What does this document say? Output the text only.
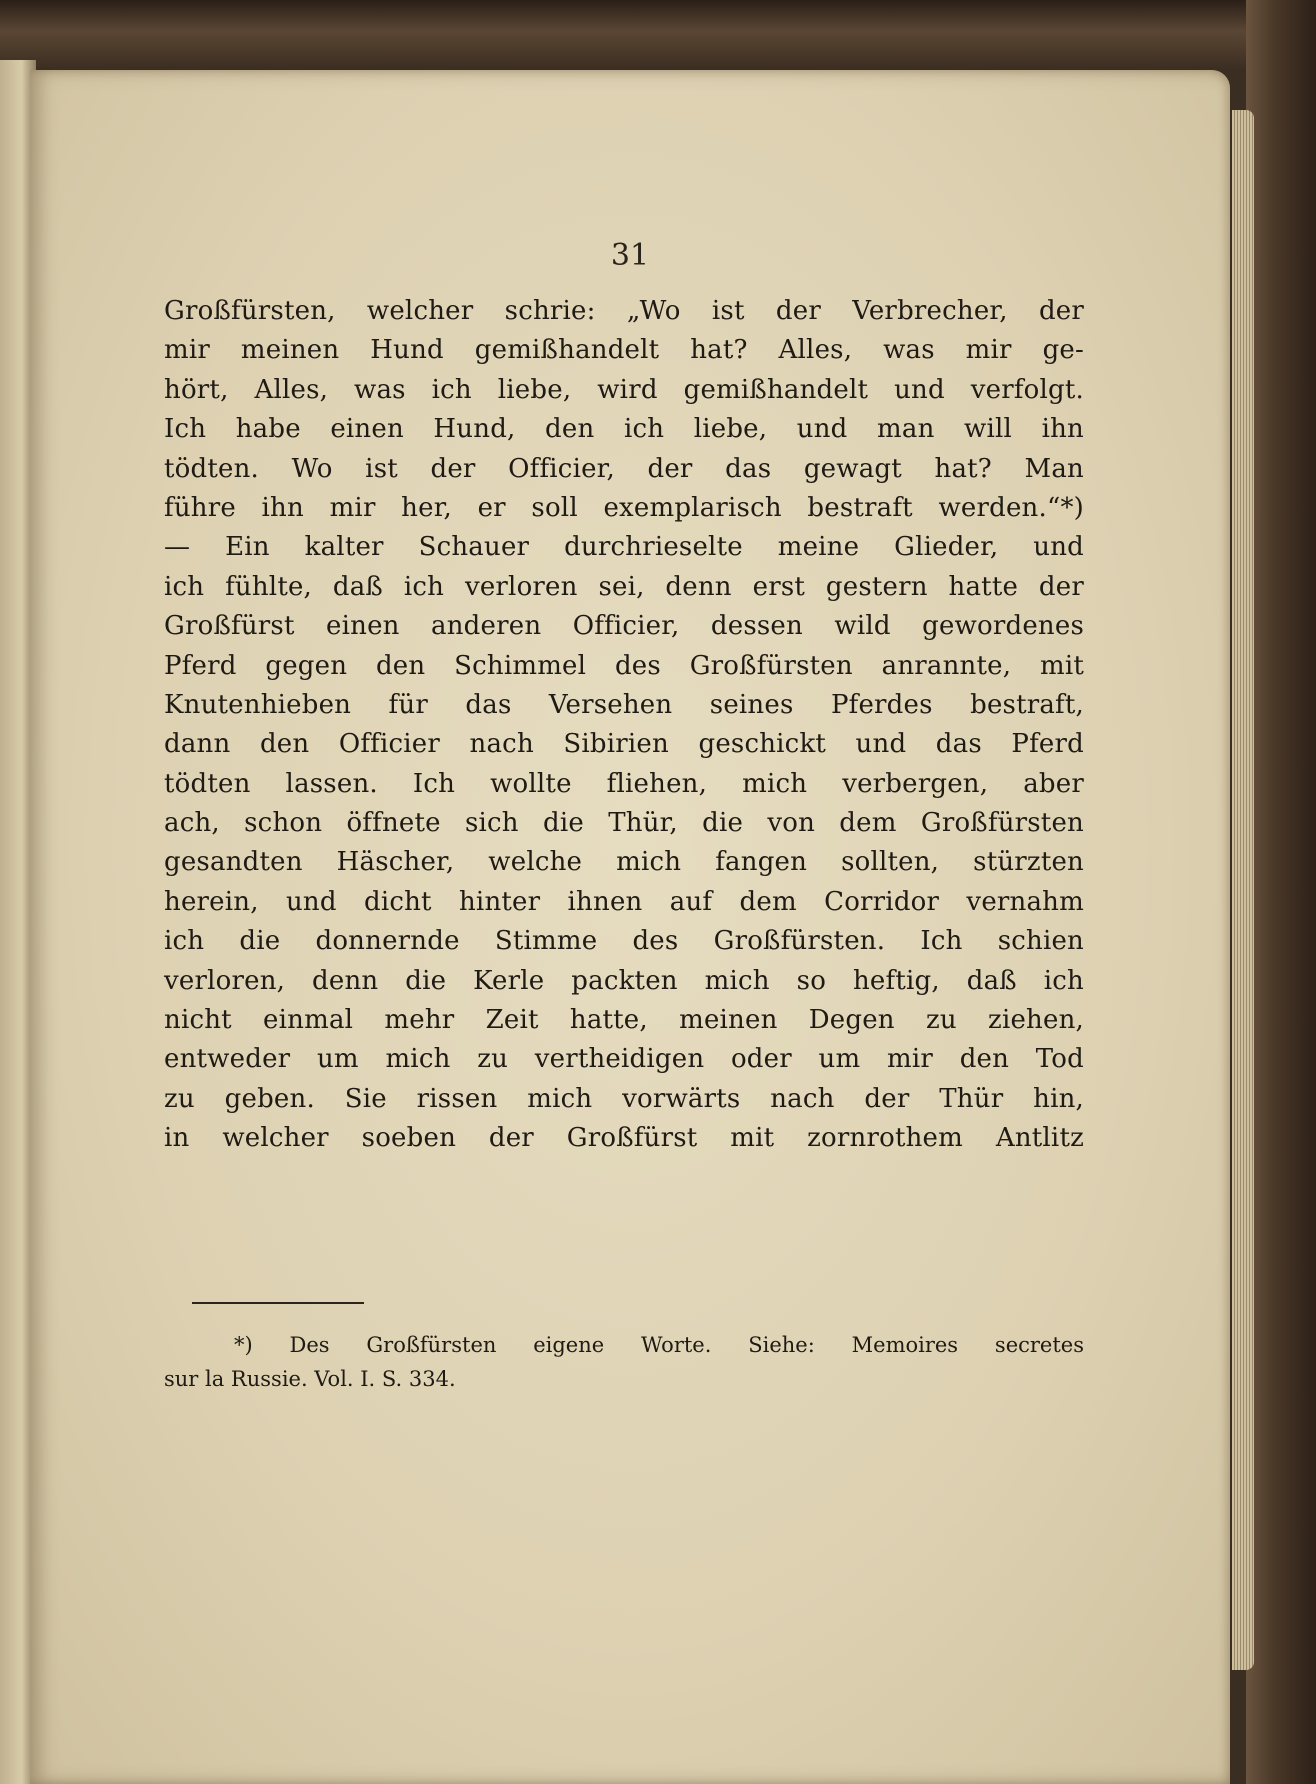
31
Großfürsten, welcher schrie: „Wo ist der Verbrecher, der
mir meinen Hund gemißhandelt hat? Alles, was mir ge-
hört, Alles, was ich liebe, wird gemißhandelt und verfolgt.
Ich habe einen Hund, den ich liebe, und man will ihn
tödten. Wo ist der Officier, der das gewagt hat? Man
führe ihn mir her, er soll exemplarisch bestraft werden.“*)
— Ein kalter Schauer durchrieselte meine Glieder, und
ich fühlte, daß ich verloren sei, denn erst gestern hatte der
Großfürst einen anderen Officier, dessen wild gewordenes
Pferd gegen den Schimmel des Großfürsten anrannte, mit
Knutenhieben für das Versehen seines Pferdes bestraft,
dann den Officier nach Sibirien geschickt und das Pferd
tödten lassen. Ich wollte fliehen, mich verbergen, aber
ach, schon öffnete sich die Thür, die von dem Großfürsten
gesandten Häscher, welche mich fangen sollten, stürzten
herein, und dicht hinter ihnen auf dem Corridor vernahm
ich die donnernde Stimme des Großfürsten. Ich schien
verloren, denn die Kerle packten mich so heftig, daß ich
nicht einmal mehr Zeit hatte, meinen Degen zu ziehen,
entweder um mich zu vertheidigen oder um mir den Tod
zu geben. Sie rissen mich vorwärts nach der Thür hin,
in welcher soeben der Großfürst mit zornrothem Antlitz
*) Des Großfürsten eigene Worte. Siehe: Memoires secretes
sur la Russie. Vol. I. S. 334.
